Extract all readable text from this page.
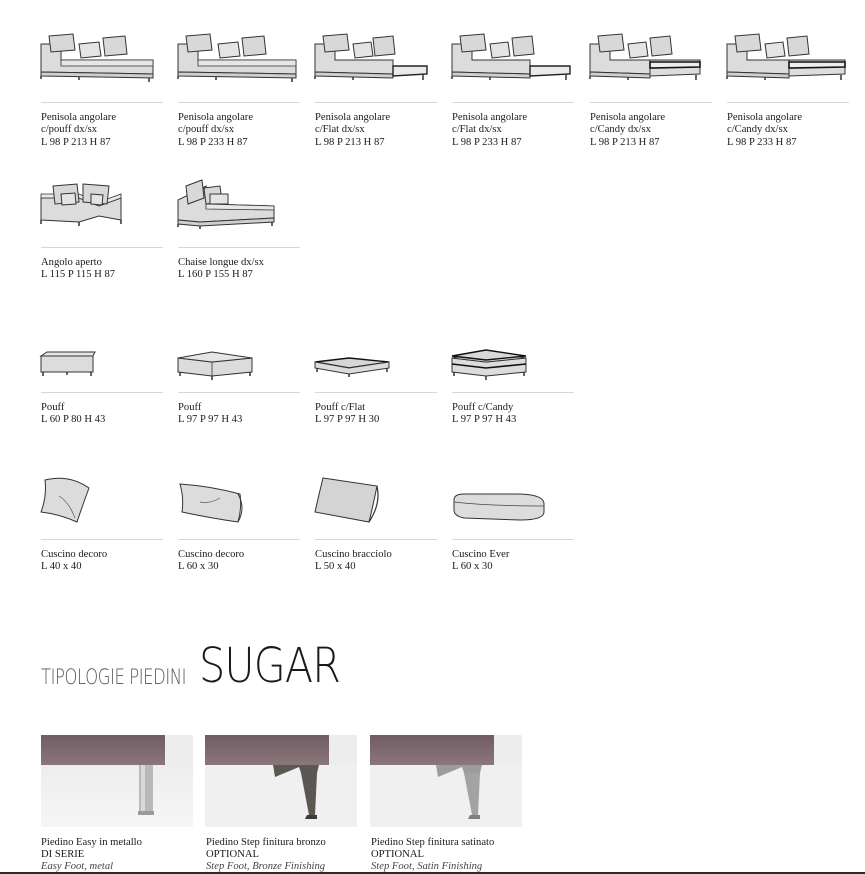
Penisola angolare
c/pouff dx/sx
L 98 P 213 H 87
Penisola angolare
c/pouff dx/sx
L 98 P 233 H 87
Penisola angolare
c/Flat dx/sx
L 98 P 213 H 87
Penisola angolare
c/Flat dx/sx
L 98 P 233 H 87
Penisola angolare
c/Candy dx/sx
L 98 P 213 H 87
Penisola angolare
c/Candy dx/sx
L 98 P 233 H 87
Angolo aperto
L 115 P 115 H 87
Chaise longue dx/sx
L 160 P 155 H 87
Pouff
L 60 P 80 H 43
Pouff
L 97 P 97 H 43
Pouff c/Flat
L 97 P 97 H 30
Pouff c/Candy
L 97 P 97 H 43
Cuscino decoro
L 40 x 40
Cuscino decoro
L 60 x 30
Cuscino bracciolo
L 50 x 40
Cuscino Ever
L 60 x 30
TIPOLOGIE PIEDINI SUGAR
Piedino Easy in metallo
DI SERIE
Easy Foot, metal
Piedino Step finitura bronzo
OPTIONAL
Step Foot, Bronze Finishing
Piedino Step finitura satinato
OPTIONAL
Step Foot, Satin Finishing
